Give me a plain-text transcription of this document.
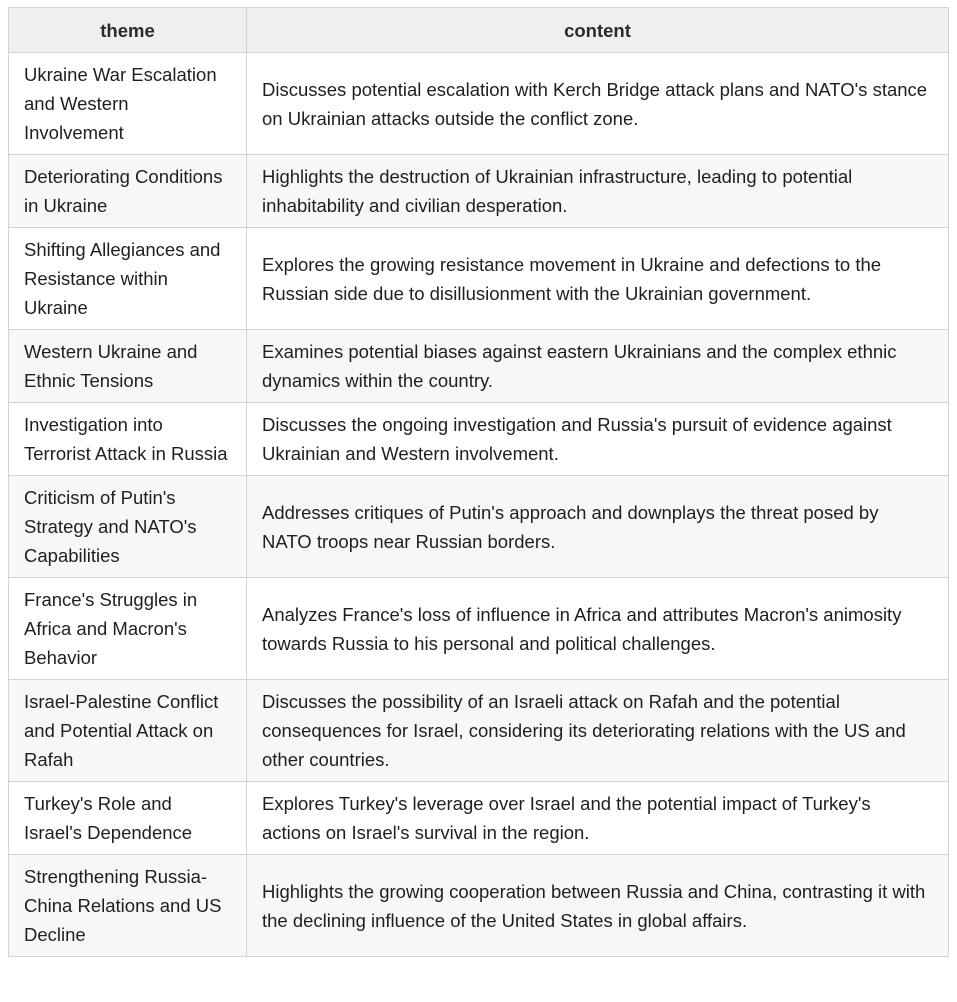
theme	content
Ukraine War Escalation and Western Involvement	Discusses potential escalation with Kerch Bridge attack plans and NATO's stance on Ukrainian attacks outside the conflict zone.
Deteriorating Conditions in Ukraine	Highlights the destruction of Ukrainian infrastructure, leading to potential inhabitability and civilian desperation.
Shifting Allegiances and Resistance within Ukraine	Explores the growing resistance movement in Ukraine and defections to the Russian side due to disillusionment with the Ukrainian government.
Western Ukraine and Ethnic Tensions	Examines potential biases against eastern Ukrainians and the complex ethnic dynamics within the country.
Investigation into Terrorist Attack in Russia	Discusses the ongoing investigation and Russia's pursuit of evidence against Ukrainian and Western involvement.
Criticism of Putin's Strategy and NATO's Capabilities	Addresses critiques of Putin's approach and downplays the threat posed by NATO troops near Russian borders.
France's Struggles in Africa and Macron's Behavior	Analyzes France's loss of influence in Africa and attributes Macron's animosity towards Russia to his personal and political challenges.
Israel-Palestine Conflict and Potential Attack on Rafah	Discusses the possibility of an Israeli attack on Rafah and the potential consequences for Israel, considering its deteriorating relations with the US and other countries.
Turkey's Role and Israel's Dependence	Explores Turkey's leverage over Israel and the potential impact of Turkey's actions on Israel's survival in the region.
Strengthening Russia-China Relations and US Decline	Highlights the growing cooperation between Russia and China, contrasting it with the declining influence of the United States in global affairs.
